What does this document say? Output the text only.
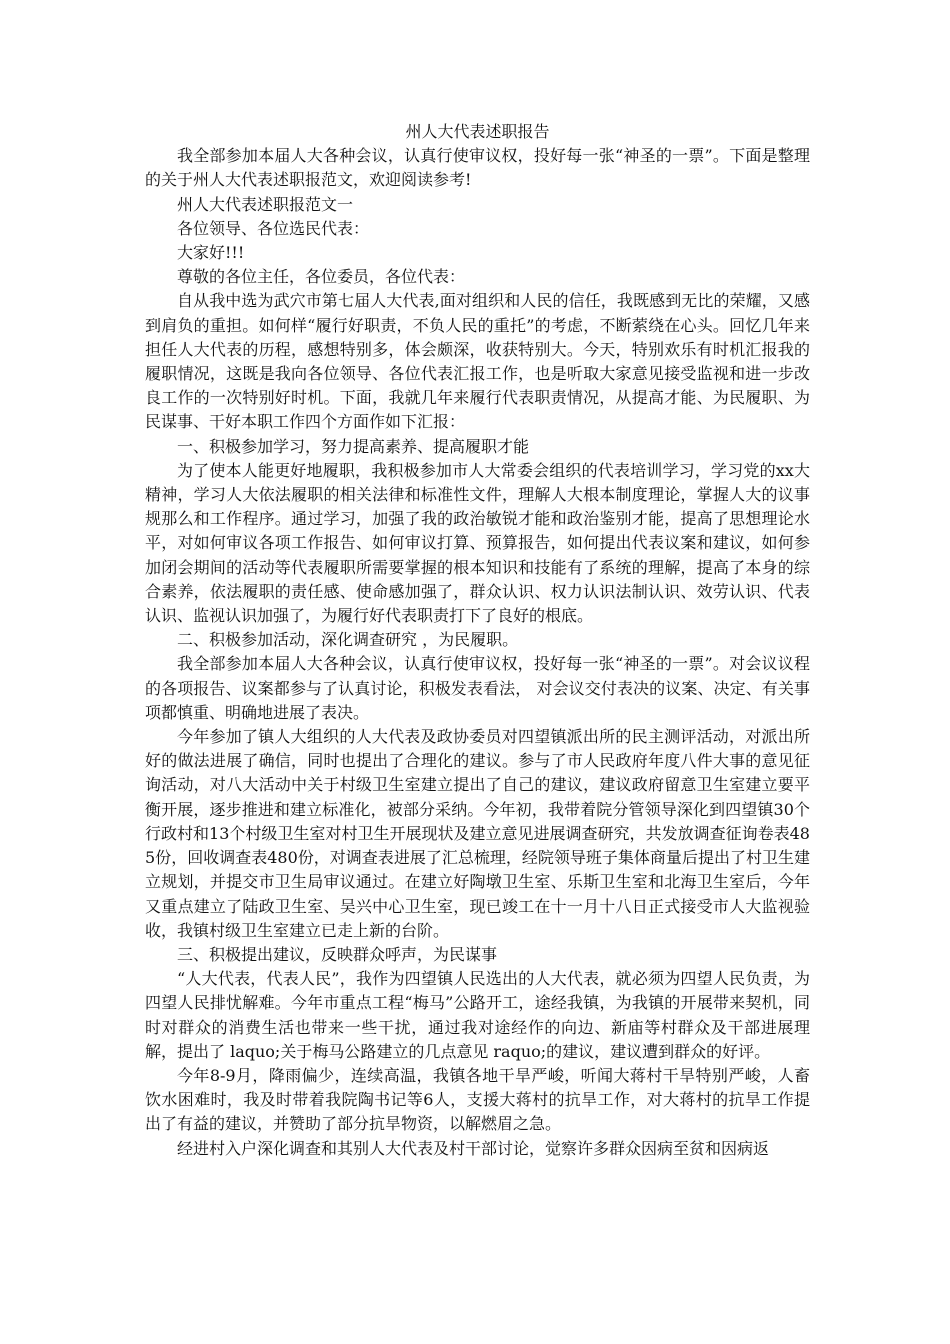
州人大代表述职报告

我全部参加本届人大各种会议，认真行使审议权，投好每一张“神圣的一票”。下面是整理的关于州人大代表述职报范文，欢迎阅读参考!

州人大代表述职报范文一

各位领导、各位选民代表：

大家好!!!

尊敬的各位主任，各位委员，各位代表：

自从我中选为武穴市第七届人大代表,面对组织和人民的信任，我既感到无比的荣耀，又感到肩负的重担。如何样“履行好职责，不负人民的重托”的考虑，不断萦绕在心头。回忆几年来担任人大代表的历程，感想特别多，体会颇深，收获特别大。今天，特别欢乐有时机汇报我的履职情况，这既是我向各位领导、各位代表汇报工作，也是听取大家意见接受监视和进一步改良工作的一次特别好时机。下面，我就几年来履行代表职责情况，从提高才能、为民履职、为民谋事、干好本职工作四个方面作如下汇报：

一、积极参加学习，努力提高素养、提高履职才能

为了使本人能更好地履职，我积极参加市人大常委会组织的代表培训学习，学习党的xx大精神，学习人大依法履职的相关法律和标准性文件，理解人大根本制度理论，掌握人大的议事规那么和工作程序。通过学习，加强了我的政治敏锐才能和政治鉴别才能，提高了思想理论水平，对如何审议各项工作报告、如何审议打算、预算报告，如何提出代表议案和建议，如何参加闭会期间的活动等代表履职所需要掌握的根本知识和技能有了系统的理解，提高了本身的综合素养，依法履职的责任感、使命感加强了，群众认识、权力认识法制认识、效劳认识、代表认识、监视认识加强了，为履行好代表职责打下了良好的根底。

二、积极参加活动，深化调查研究 ，为民履职。

我全部参加本届人大各种会议，认真行使审议权，投好每一张“神圣的一票”。对会议议程的各项报告、议案都参与了认真讨论，积极发表看法， 对会议交付表决的议案、决定、有关事项都慎重、明确地进展了表决。

今年参加了镇人大组织的人大代表及政协委员对四望镇派出所的民主测评活动，对派出所好的做法进展了确信，同时也提出了合理化的建议。参与了市人民政府年度八件大事的意见征询活动，对八大活动中关于村级卫生室建立提出了自己的建议，建议政府留意卫生室建立要平衡开展，逐步推进和建立标准化，被部分采纳。今年初，我带着院分管领导深化到四望镇30个行政村和13个村级卫生室对村卫生开展现状及建立意见进展调查研究，共发放调查征询卷表485份，回收调查表480份，对调查表进展了汇总梳理，经院领导班子集体商量后提出了村卫生建立规划，并提交市卫生局审议通过。在建立好陶墩卫生室、乐斯卫生室和北海卫生室后，今年又重点建立了陆政卫生室、吴兴中心卫生室，现已竣工在十一月十八日正式接受市人大监视验收，我镇村级卫生室建立已走上新的台阶。

三、积极提出建议，反映群众呼声，为民谋事

“人大代表，代表人民”，我作为四望镇人民选出的人大代表，就必须为四望人民负责，为四望人民排忧解难。今年市重点工程“梅马”公路开工，途经我镇，为我镇的开展带来契机，同时对群众的消费生活也带来一些干扰，通过我对途经作的向边、新庙等村群众及干部进展理解，提出了 laquo;关于梅马公路建立的几点意见 raquo;的建议，建议遭到群众的好评。

今年8-9月，降雨偏少，连续高温，我镇各地干旱严峻，听闻大蒋村干旱特别严峻，人畜饮水困难时，我及时带着我院陶书记等6人，支援大蒋村的抗旱工作，对大蒋村的抗旱工作提出了有益的建议，并赞助了部分抗旱物资，以解燃眉之急。

经进村入户深化调查和其别人大代表及村干部讨论，觉察许多群众因病至贫和因病返
